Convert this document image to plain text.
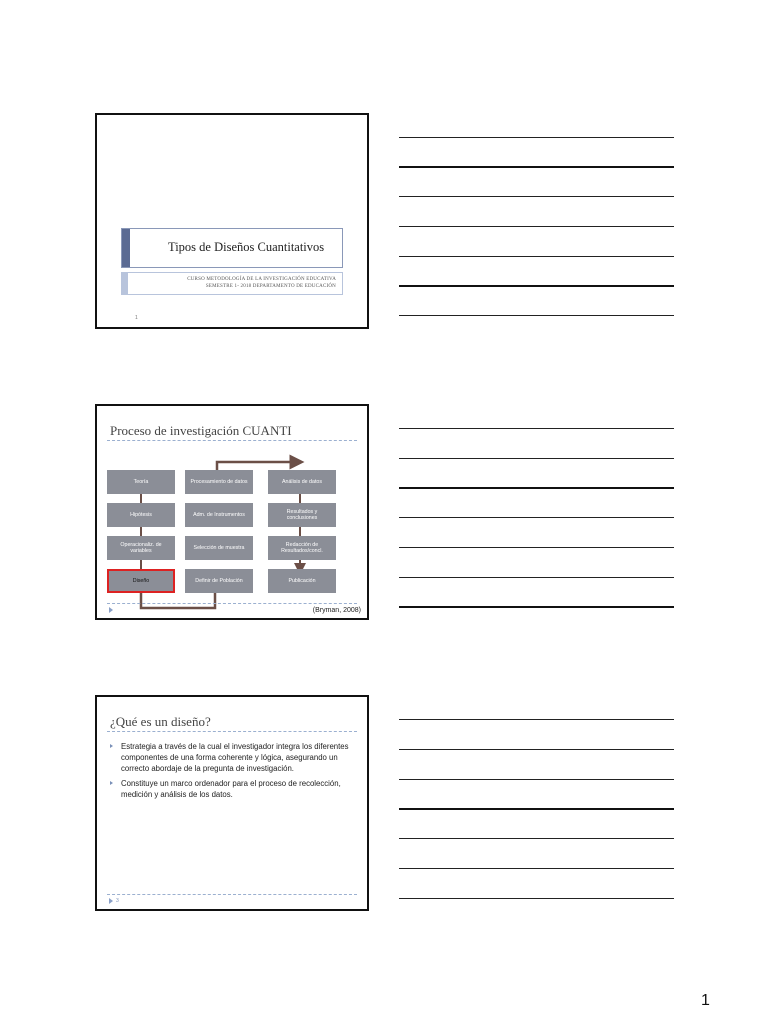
Tipos de Diseños Cuantitativos
CURSO METODOLOGÍA DE LA INVESTIGACIÓN EDUCATIVA
SEMESTRE 1- 2018 DEPARTAMENTO DE EDUCACIÓN
1
Proceso de investigación CUANTI
Teoría
Hipótesis
Operacionaliz. de variables
Diseño
Procesamiento de datos
Adm. de Instrumentos
Selección de muestra
Definir de Población
Análisis de datos
Resultados y conclusiones
Redacción de Resultados/concl.
Publicación
(Bryman, 2008)
¿Qué es un diseño?
Estrategia a través de la cual el investigador integra los diferentes componentes de una forma coherente y lógica, asegurando un correcto abordaje de la pregunta de investigación.
Constituye un marco ordenador para el proceso de recolección, medición y análisis de los datos.
3
1
